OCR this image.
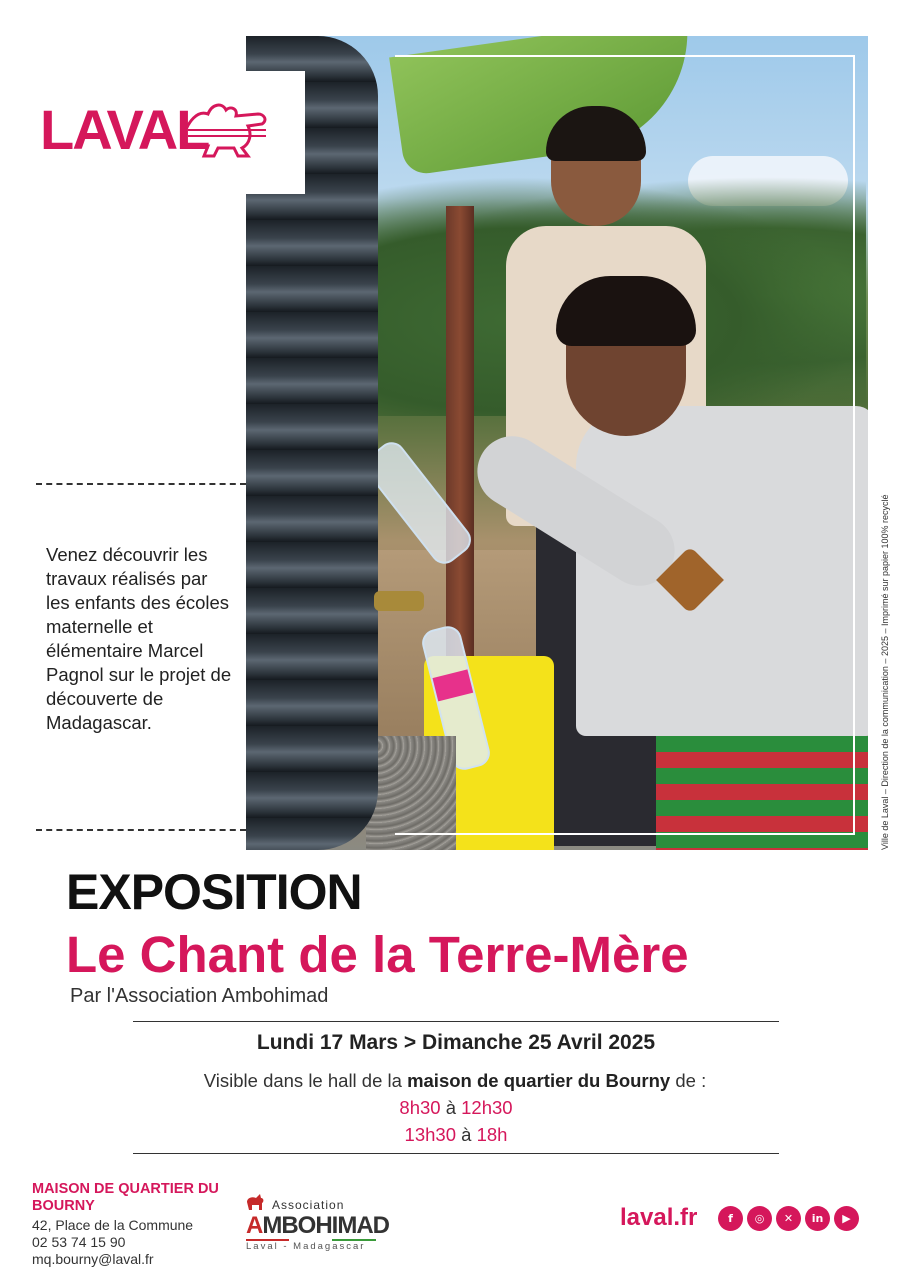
LAVAL

Venez découvrir les travaux réalisés par les enfants des écoles maternelle et élémentaire Marcel Pagnol sur le projet de découverte de Madagascar.	Ville de Laval – Direction de la communication – 2025 – Imprimé sur papier 100% recyclé
EXPOSITION
Le Chant de la Terre-Mère
Par l'Association Ambohimad
Lundi 17 Mars > Dimanche 25 Avril 2025
Visible dans le hall de la maison de quartier du Bourny de :
8h30 à 12h30
13h30 à 18h
MAISON DE QUARTIER DU BOURNY
42, Place de la Commune
02 53 74 15 90
mq.bourny@laval.fr
Association
AMBOHIMAD
Laval - Madagascar
laval.fr	f	◎	✕	in	▶
